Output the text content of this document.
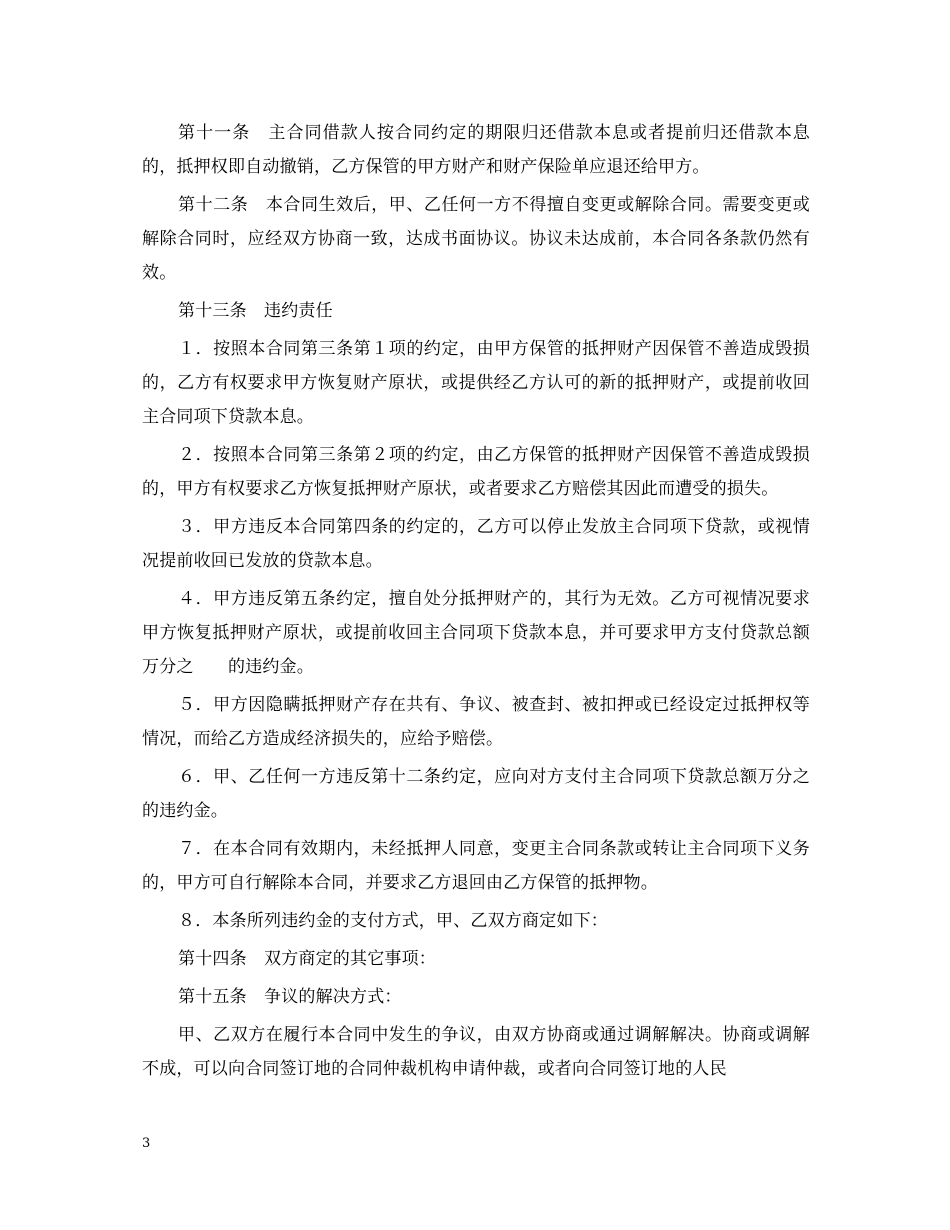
第十一条　主合同借款人按合同约定的期限归还借款本息或者提前归还借款本息的，抵押权即自动撤销，乙方保管的甲方财产和财产保险单应退还给甲方。

第十二条　本合同生效后，甲、乙任何一方不得擅自变更或解除合同。需要变更或解除合同时，应经双方协商一致，达成书面协议。协议未达成前，本合同各条款仍然有效。

第十三条　违约责任

１．按照本合同第三条第１项的约定，由甲方保管的抵押财产因保管不善造成毁损的，乙方有权要求甲方恢复财产原状，或提供经乙方认可的新的抵押财产，或提前收回主合同项下贷款本息。

２．按照本合同第三条第２项的约定，由乙方保管的抵押财产因保管不善造成毁损的，甲方有权要求乙方恢复抵押财产原状，或者要求乙方赔偿其因此而遭受的损失。

３．甲方违反本合同第四条的约定的，乙方可以停止发放主合同项下贷款，或视情况提前收回已发放的贷款本息。

４．甲方违反第五条约定，擅自处分抵押财产的，其行为无效。乙方可视情况要求甲方恢复抵押财产原状，或提前收回主合同项下贷款本息，并可要求甲方支付贷款总额万分之　　的违约金。

５．甲方因隐瞒抵押财产存在共有、争议、被查封、被扣押或已经设定过抵押权等情况，而给乙方造成经济损失的，应给予赔偿。

６．甲、乙任何一方违反第十二条约定，应向对方支付主合同项下贷款总额万分之　　的违约金。

７．在本合同有效期内，未经抵押人同意，变更主合同条款或转让主合同项下义务的，甲方可自行解除本合同，并要求乙方退回由乙方保管的抵押物。

８．本条所列违约金的支付方式，甲、乙双方商定如下：

第十四条　双方商定的其它事项：

第十五条　争议的解决方式：

甲、乙双方在履行本合同中发生的争议，由双方协商或通过调解解决。协商或调解不成，可以向合同签订地的合同仲裁机构申请仲裁，或者向合同签订地的人民

3
